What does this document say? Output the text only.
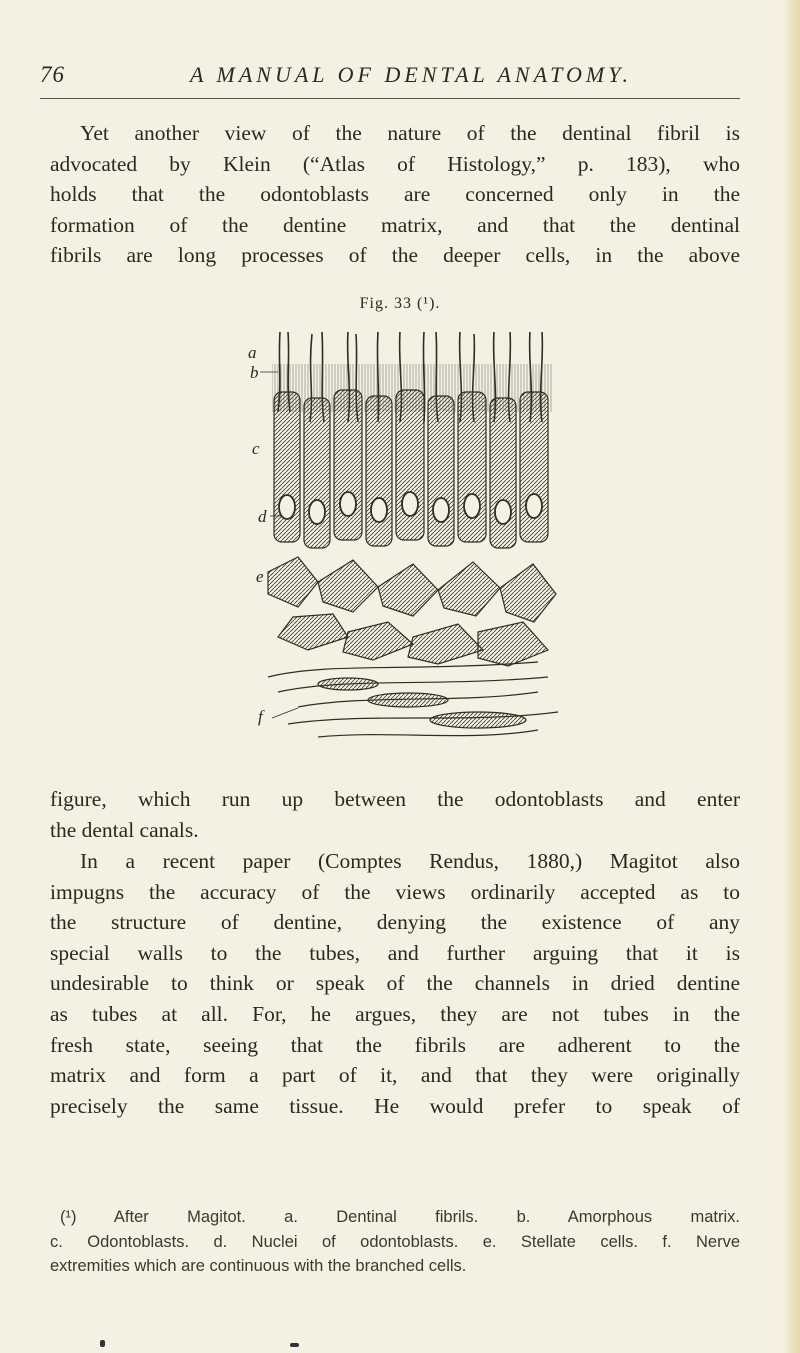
76	A MANUAL OF DENTAL ANATOMY.
Yet another view of the nature of the dentinal fibril is
advocated by Klein (“Atlas of Histology,” p. 183), who
holds that the odontoblasts are concerned only in the
formation of the dentine matrix, and that the dentinal
fibrils are long processes of the deeper cells, in the above
Fig. 33 (¹).
a
b
c
d
e
f
figure, which run up between the odontoblasts and enter
the dental canals.
In a recent paper (Comptes Rendus, 1880,) Magitot also
impugns the accuracy of the views ordinarily accepted as to
the structure of dentine, denying the existence of any
special walls to the tubes, and further arguing that it is
undesirable to think or speak of the channels in dried dentine
as tubes at all. For, he argues, they are not tubes in the
fresh state, seeing that the fibrils are adherent to the
matrix and form a part of it, and that they were originally
precisely the same tissue. He would prefer to speak of
(¹) After Magitot. a. Dentinal fibrils. b. Amorphous matrix.
c. Odontoblasts. d. Nuclei of odontoblasts. e. Stellate cells. f. Nerve
extremities which are continuous with the branched cells.
